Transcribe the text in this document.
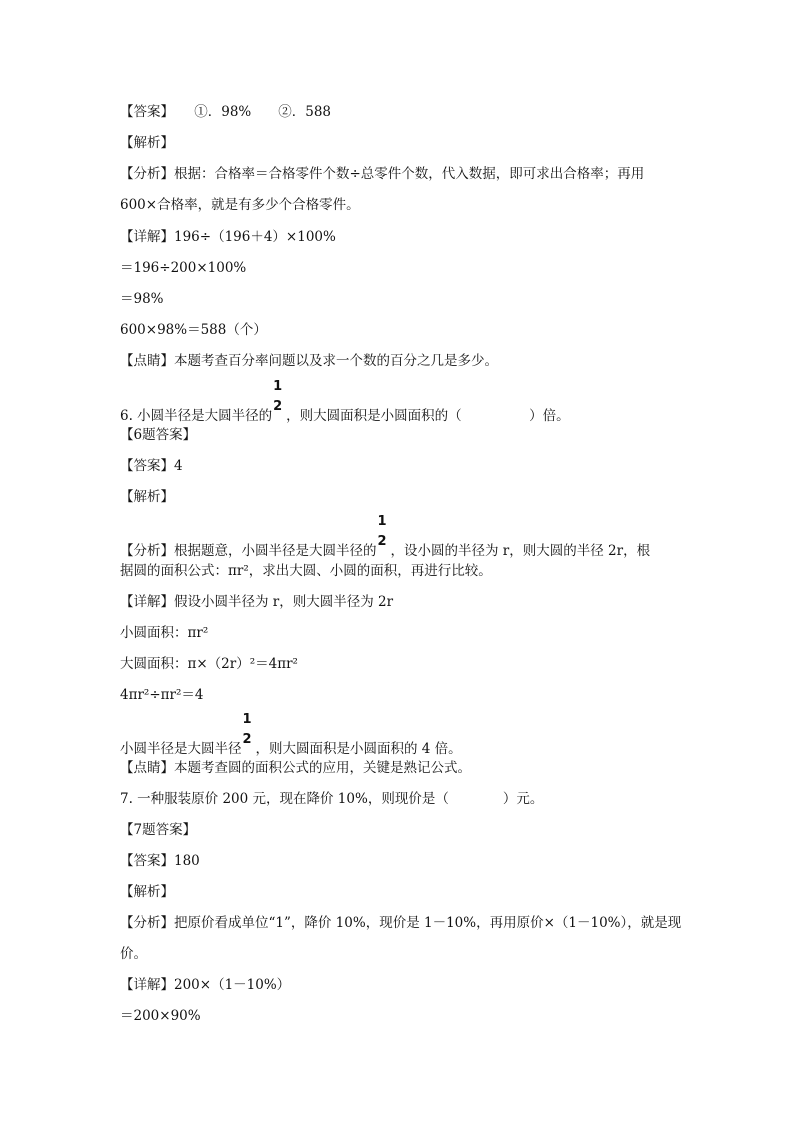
【答案】　　①．98%　　②．588
【解析】
【分析】根据：合格率＝合格零件个数÷总零件个数，代入数据，即可求出合格率；再用
600×合格率，就是有多少个合格零件。
【详解】196÷（196＋4）×100%
＝196÷200×100%
＝98%
600×98%＝588（个）
【点睛】本题考查百分率问题以及求一个数的百分之几是多少。
6. 小圆半径是大圆半径的
1
2
，则大圆面积是小圆面积的（　　　　　）倍。
【6题答案】
【答案】4
【解析】
【分析】根据题意，小圆半径是大圆半径的
1
2
，设小圆的半径为 r，则大圆的半径 2r，根
据圆的面积公式：πr²，求出大圆、小圆的面积，再进行比较。
【详解】假设小圆半径为 r，则大圆半径为 2r
小圆面积：πr²
大圆面积：π×（2r）²＝4πr²
4πr²÷πr²＝4
小圆半径是大圆半径
1
2
，则大圆面积是小圆面积的 4 倍。
【点睛】本题考查圆的面积公式的应用，关键是熟记公式。
7. 一种服装原价 200 元，现在降价 10%，则现价是（　　　　）元。
【7题答案】
【答案】180
【解析】
【分析】把原价看成单位“1”，降价 10%，现价是 1－10%，再用原价×（1－10%），就是现
价。
【详解】200×（1－10%）
＝200×90%
